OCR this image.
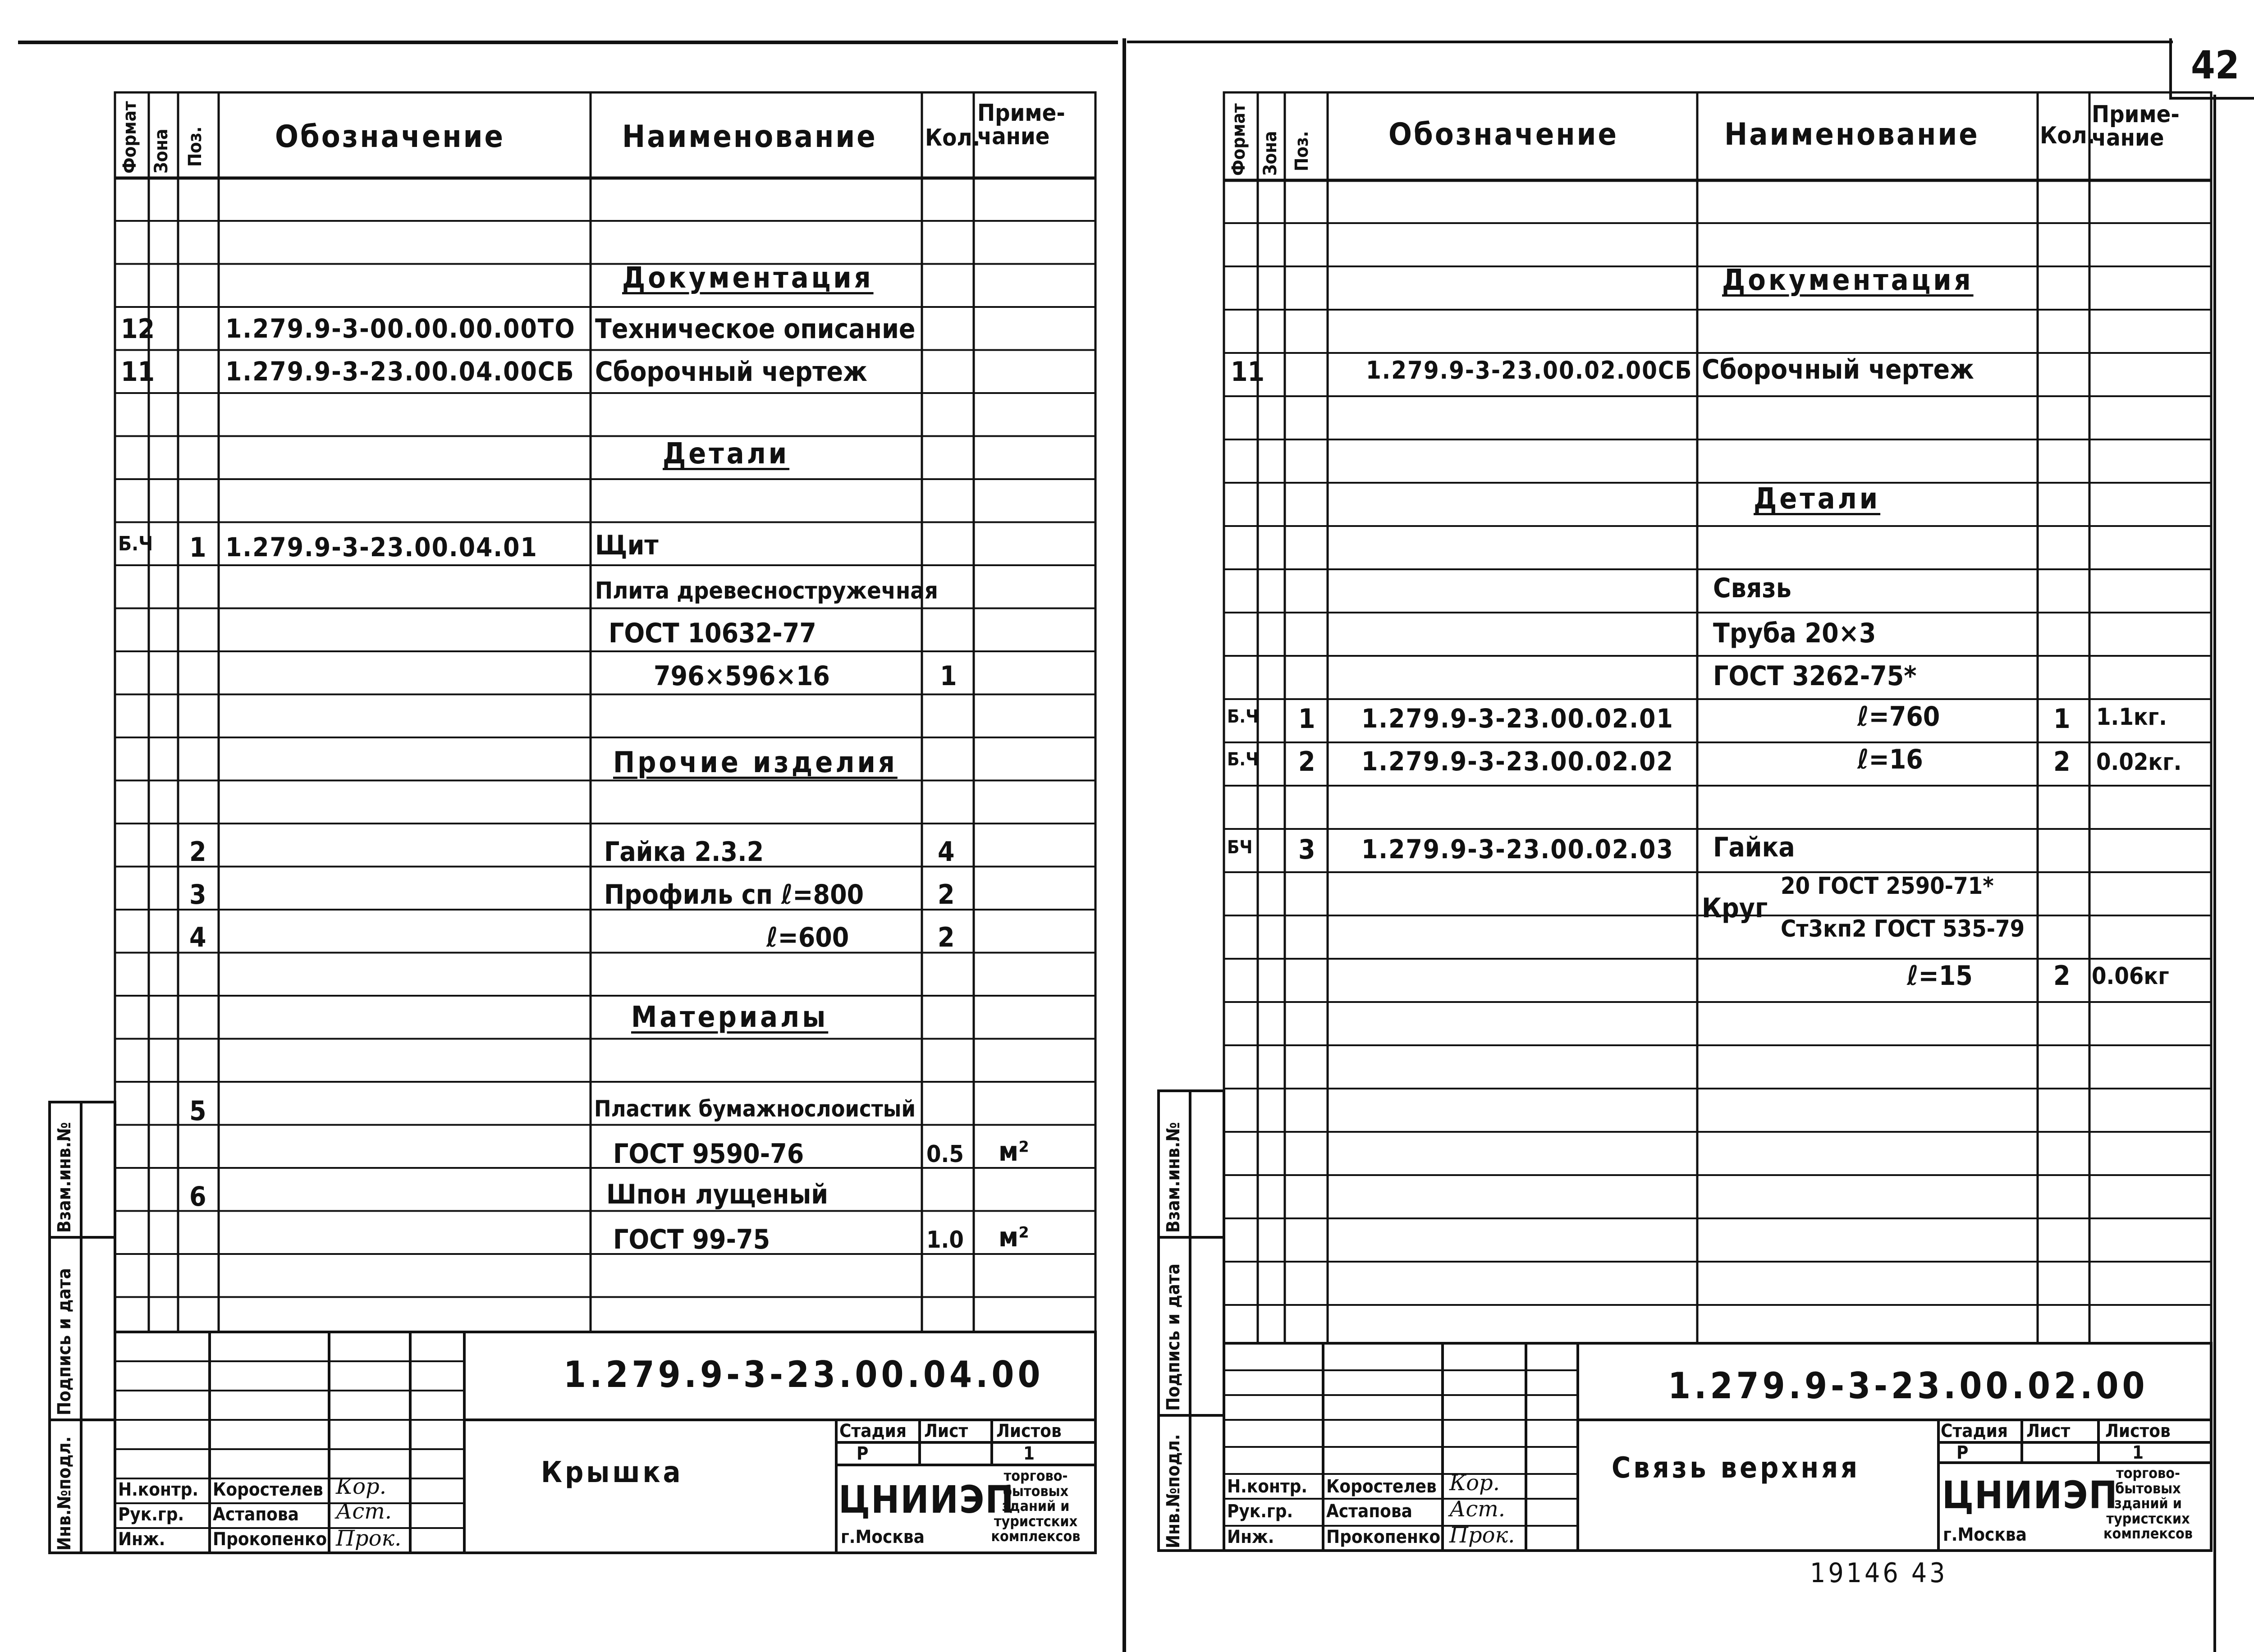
42
Формат Зона Поз. Обозначение	Наименование Кол.
Приме-чание
Документация
12	1.279.9-3-00.00.00.00ТО Техническое описание
11	1.279.9-3-23.00.04.00СБ Сборочный чертеж
Детали
Б.Ч 1 1.279.9-3-23.00.04.01 Щит
Плита древесностружечная
ГОСТ 10632-77
796×596×16	1
Прочие изделия
2	Гайка 2.3.2	4
3	Профиль сп ℓ=800	2
4	ℓ=600	2
Материалы
5	Пластик бумажнослоистый
ГОСТ 9590-76	0.5 м²
6	Шпон лущеный
ГОСТ 99-75	1.0 м²
Инв.№подл.
Подпись и дата
Взам.инв.№
1.279.9-3-23.00.04.00
Крышка
Стадия Лист Листов
Р	1
ЦНИИЭП
г.Москва
торгово-бытовых зданий и туристских комплексов
Н.контр. Коростелев Кор.
Рук.гр. Астапова Аст.
Инж.	Прокопенко Прок.
Формат Зона Поз. Обозначение	Наименование	Кол.
Приме-чание
Документация
11	1.279.9-3-23.00.02.00СБ Сборочный чертеж
Детали
Связь
Труба 20×3
ГОСТ 3262-75*
Б.Ч 1 1.279.9-3-23.00.02.01	ℓ=760	1 1.1кг.
Б.Ч 2 1.279.9-3-23.00.02.02	ℓ=16	2 0.02кг.
БЧ 3 1.279.9-3-23.00.02.03 Гайка
Круг
20 ГОСТ 2590-71*
Ст3кп2 ГОСТ 535-79
ℓ=15	2 0.06кг
Инв.№подл.
Подпись и дата
Взам.инв.№
1.279.9-3-23.00.02.00
Связь верхняя
Стадия Лист Листов
Р	1
ЦНИИЭП
г.Москва
торгово-бытовых зданий и туристских комплексов
Н.контр. Коростелев Кор.
Рук.гр. Астапова Аст.
Инж.	Прокопенко Прок.
19146 43
